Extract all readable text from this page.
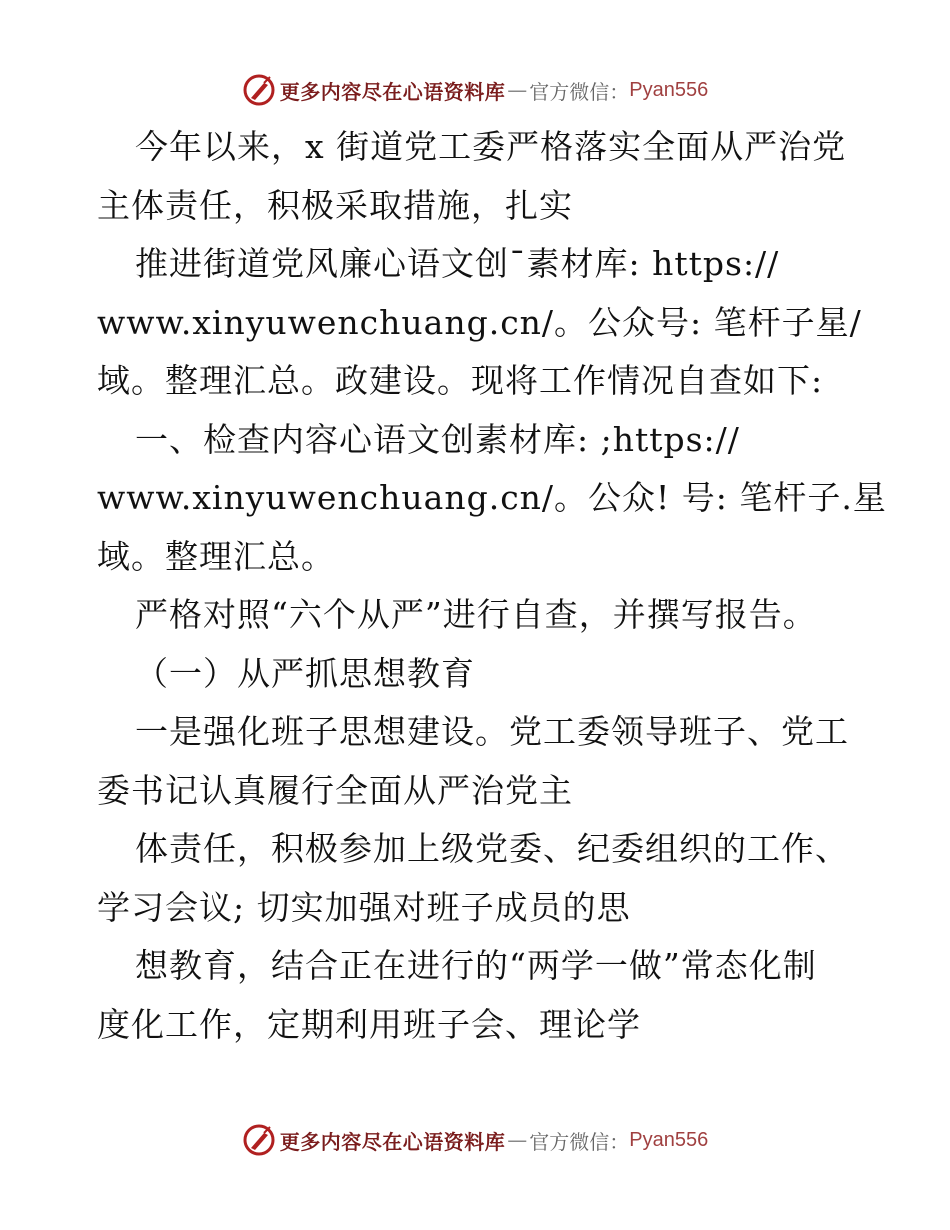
更多内容尽在心语资料库 — 官方微信： Pyan556
今年以来，x 街道党工委严格落实全面从严治党
主体责任，积极采取措施，扎实
推进街道党风廉心语文创¯素材库: https://
www.xinyuwenchuang.cn/。公众号: 笔杆子星/
域。整理汇总。政建设。现将工作情况自查如下:
一、检查内容心语文创素材库: ;https://
www.xinyuwenchuang.cn/。公众! 号: 笔杆子.星
域。整理汇总。
严格对照“六个从严”进行自查，并撰写报告。
（一）从严抓思想教育
一是强化班子思想建设。党工委领导班子、党工
委书记认真履行全面从严治党主
体责任，积极参加上级党委、纪委组织的工作、
学习会议; 切实加强对班子成员的思
想教育，结合正在进行的“两学一做”常态化制
度化工作，定期利用班子会、理论学
更多内容尽在心语资料库 — 官方微信： Pyan556
